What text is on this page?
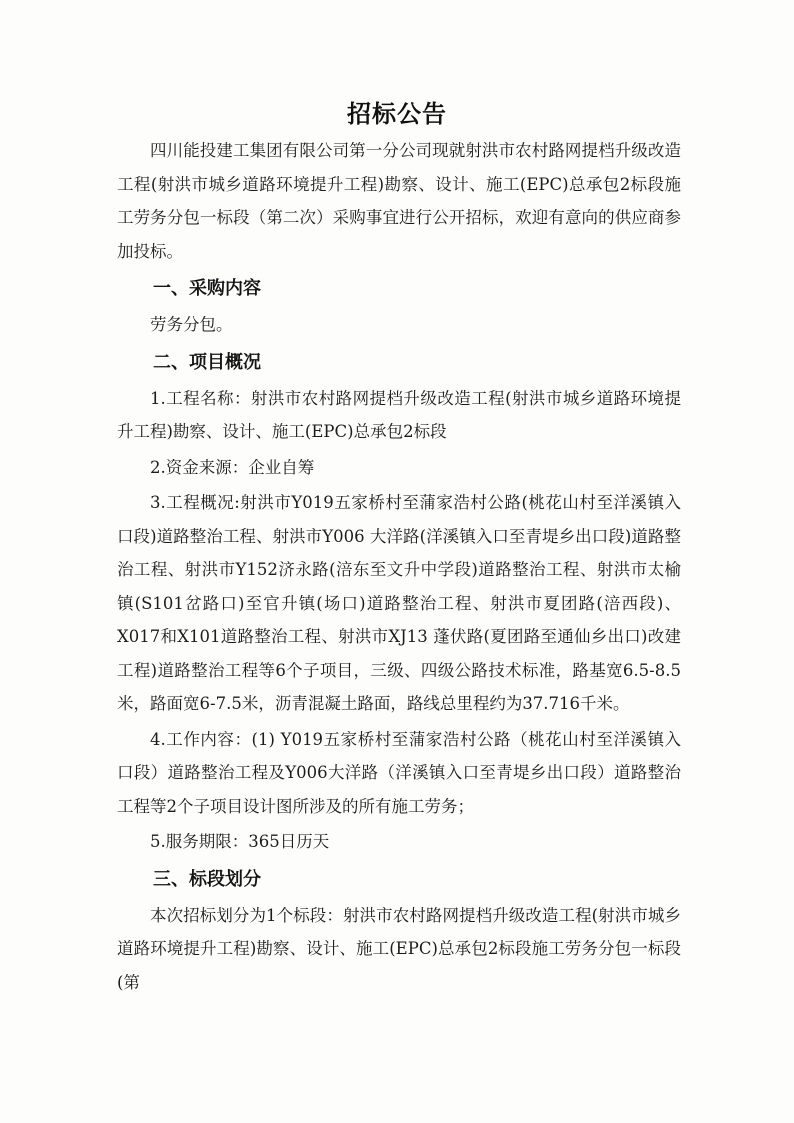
招标公告

四川能投建工集团有限公司第一分公司现就射洪市农村路网提档升级改造工程(射洪市城乡道路环境提升工程)勘察、设计、施工(EPC)总承包2标段施工劳务分包一标段（第二次）采购事宜进行公开招标，欢迎有意向的供应商参加投标。

一、采购内容

劳务分包。

二、项目概况

1.工程名称：射洪市农村路网提档升级改造工程(射洪市城乡道路环境提升工程)勘察、设计、施工(EPC)总承包2标段

2.资金来源：企业自筹

3.工程概况:射洪市Y019五家桥村至蒲家浩村公路(桃花山村至洋溪镇入口段)道路整治工程、射洪市Y006 大洋路(洋溪镇入口至青堤乡出口段)道路整治工程、射洪市Y152济永路(涪东至文升中学段)道路整治工程、射洪市太榆镇(S101岔路口)至官升镇(场口)道路整治工程、射洪市夏团路(涪西段)、X017和X101道路整治工程、射洪市XJ13 蓬伏路(夏团路至通仙乡出口)改建工程)道路整治工程等6个子项目，三级、四级公路技术标准，路基宽6.5-8.5米，路面宽6-7.5米，沥青混凝土路面，路线总里程约为37.716千米。

4.工作内容：(1) Y019五家桥村至蒲家浩村公路（桃花山村至洋溪镇入口段）道路整治工程及Y006大洋路（洋溪镇入口至青堤乡出口段）道路整治工程等2个子项目设计图所涉及的所有施工劳务；

5.服务期限：365日历天

三、标段划分

本次招标划分为1个标段：射洪市农村路网提档升级改造工程(射洪市城乡道路环境提升工程)勘察、设计、施工(EPC)总承包2标段施工劳务分包一标段(第
